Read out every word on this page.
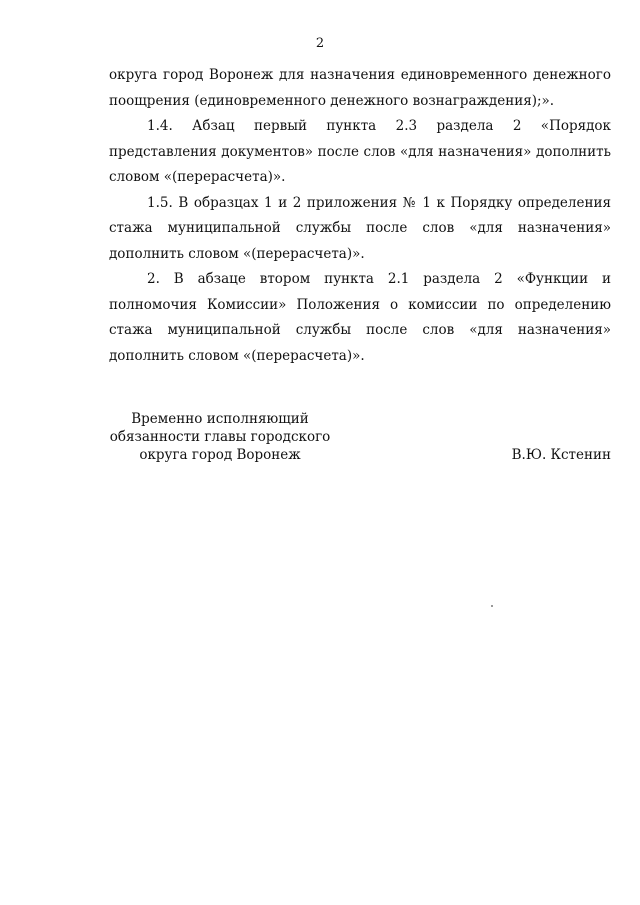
2

округа город Воронеж для назначения единовременного денежного поощрения (единовременного денежного вознаграждения);».

1.4. Абзац первый пункта 2.3 раздела 2 «Порядок представления документов» после слов «для назначения» дополнить словом «(перерасчета)».

1.5. В образцах 1 и 2 приложения № 1 к Порядку определения стажа муниципальной службы после слов «для назначения» дополнить словом «(перерасчета)».

2. В абзаце втором пункта 2.1 раздела 2 «Функции и полномочия Комиссии» Положения о комиссии по определению стажа муниципальной службы после слов «для назначения» дополнить словом «(перерасчета)».

Временно исполняющий
обязанности главы городского
округа город Воронеж	В.Ю. Кстенин
